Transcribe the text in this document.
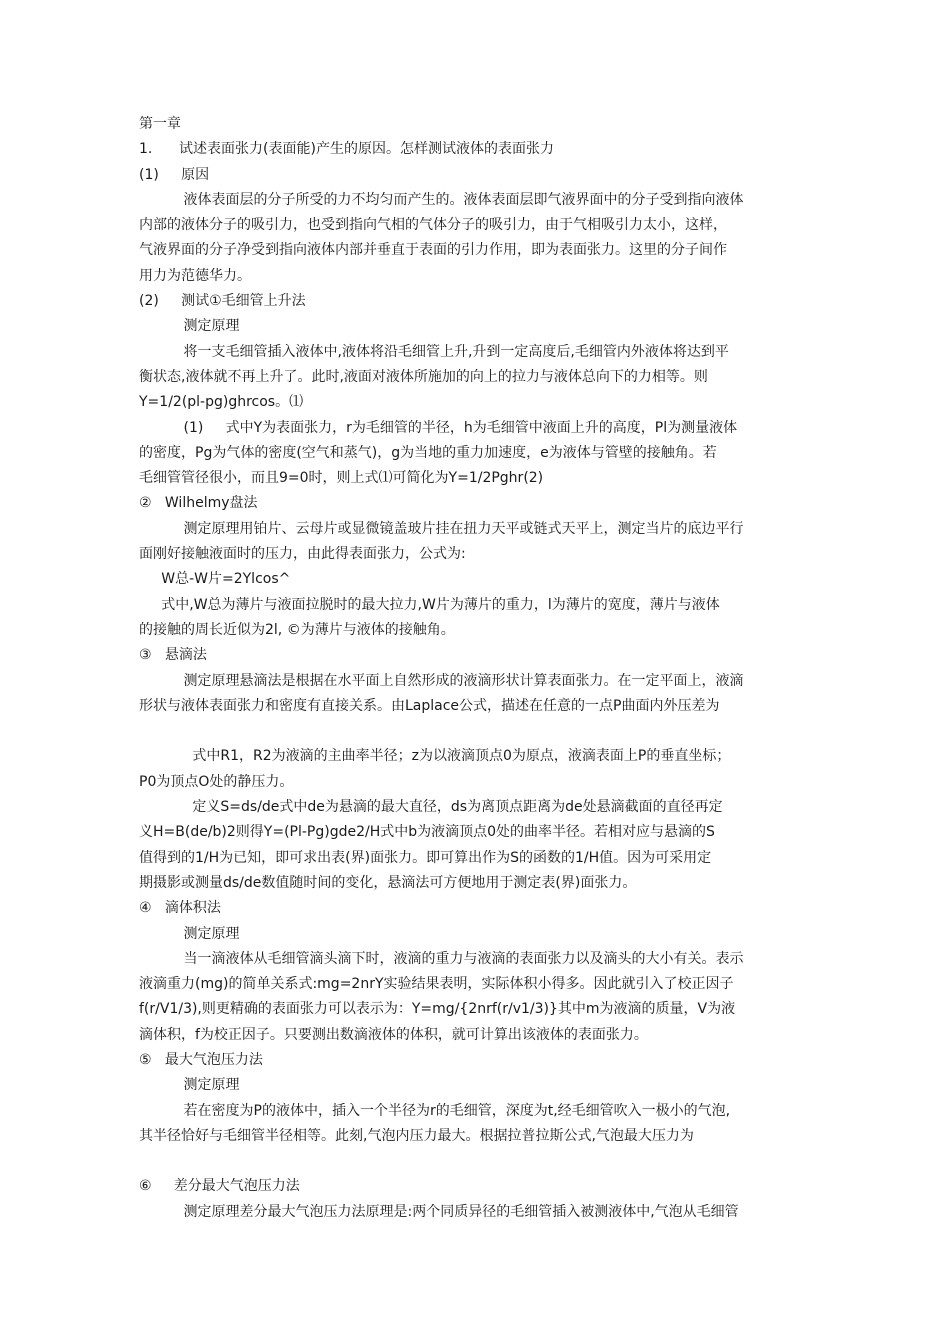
第一章
1.      试述表面张力(表面能)产生的原因。怎样测试液体的表面张力
(1)     原因
液体表面层的分子所受的力不均匀而产生的。液体表面层即气液界面中的分子受到指向液体
内部的液体分子的吸引力，也受到指向气相的气体分子的吸引力，由于气相吸引力太小，这样，
气液界面的分子净受到指向液体内部并垂直于表面的引力作用，即为表面张力。这里的分子间作
用力为范德华力。
(2)     测试①毛细管上升法
测定原理
将一支毛细管插入液体中,液体将沿毛细管上升,升到一定高度后,毛细管内外液体将达到平
衡状态,液体就不再上升了。此时,液面对液体所施加的向上的拉力与液体总向下的力相等。则
Y=1/2(pl-pg)ghrcos。⑴
(1)     式中Y为表面张力，r为毛细管的半径，h为毛细管中液面上升的高度，Pl为测量液体
的密度，Pg为气体的密度(空气和蒸气)，g为当地的重力加速度，e为液体与管壁的接触角。若
毛细管管径很小，而且9=0时，则上式⑴可简化为Y=1/2Pghr(2)
②   Wilhelmy盘法
测定原理用铂片、云母片或显微镜盖玻片挂在扭力天平或链式天平上，测定当片的底边平行
面刚好接触液面时的压力，由此得表面张力，公式为:
W总-W片=2Ylcos^
式中,W总为薄片与液面拉脱时的最大拉力,W片为薄片的重力，l为薄片的宽度，薄片与液体
的接触的周长近似为2l, ©为薄片与液体的接触角。
③   悬滴法
测定原理悬滴法是根据在水平面上自然形成的液滴形状计算表面张力。在一定平面上，液滴
形状与液体表面张力和密度有直接关系。由Laplace公式，描述在任意的一点P曲面内外压差为
式中R1，R2为液滴的主曲率半径；z为以液滴顶点0为原点，液滴表面上P的垂直坐标；
P0为顶点O处的静压力。
定义S=ds/de式中de为悬滴的最大直径，ds为离顶点距离为de处悬滴截面的直径再定
义H=B(de/b)2则得Y=(Pl-Pg)gde2/H式中b为液滴顶点0处的曲率半径。若相对应与悬滴的S
值得到的1/H为已知，即可求出表(界)面张力。即可算出作为S的函数的1/H值。因为可采用定
期摄影或测量ds/de数值随时间的变化，悬滴法可方便地用于测定表(界)面张力。
④   滴体积法
测定原理
当一滴液体从毛细管滴头滴下时，液滴的重力与液滴的表面张力以及滴头的大小有关。表示
液滴重力(mg)的简单关系式:mg=2nrY实验结果表明，实际体积小得多。因此就引入了校正因子
f(r/V1/3),则更精确的表面张力可以表示为：Y=mg/{2nrf(r/v1/3)}其中m为液滴的质量，V为液
滴体积，f为校正因子。只要测出数滴液体的体积，就可计算出该液体的表面张力。
⑤   最大气泡压力法
测定原理
若在密度为P的液体中，插入一个半径为r的毛细管，深度为t,经毛细管吹入一极小的气泡,
其半径恰好与毛细管半径相等。此刻,气泡内压力最大。根据拉普拉斯公式,气泡最大压力为
⑥     差分最大气泡压力法
测定原理差分最大气泡压力法原理是:两个同质异径的毛细管插入被测液体中,气泡从毛细管
